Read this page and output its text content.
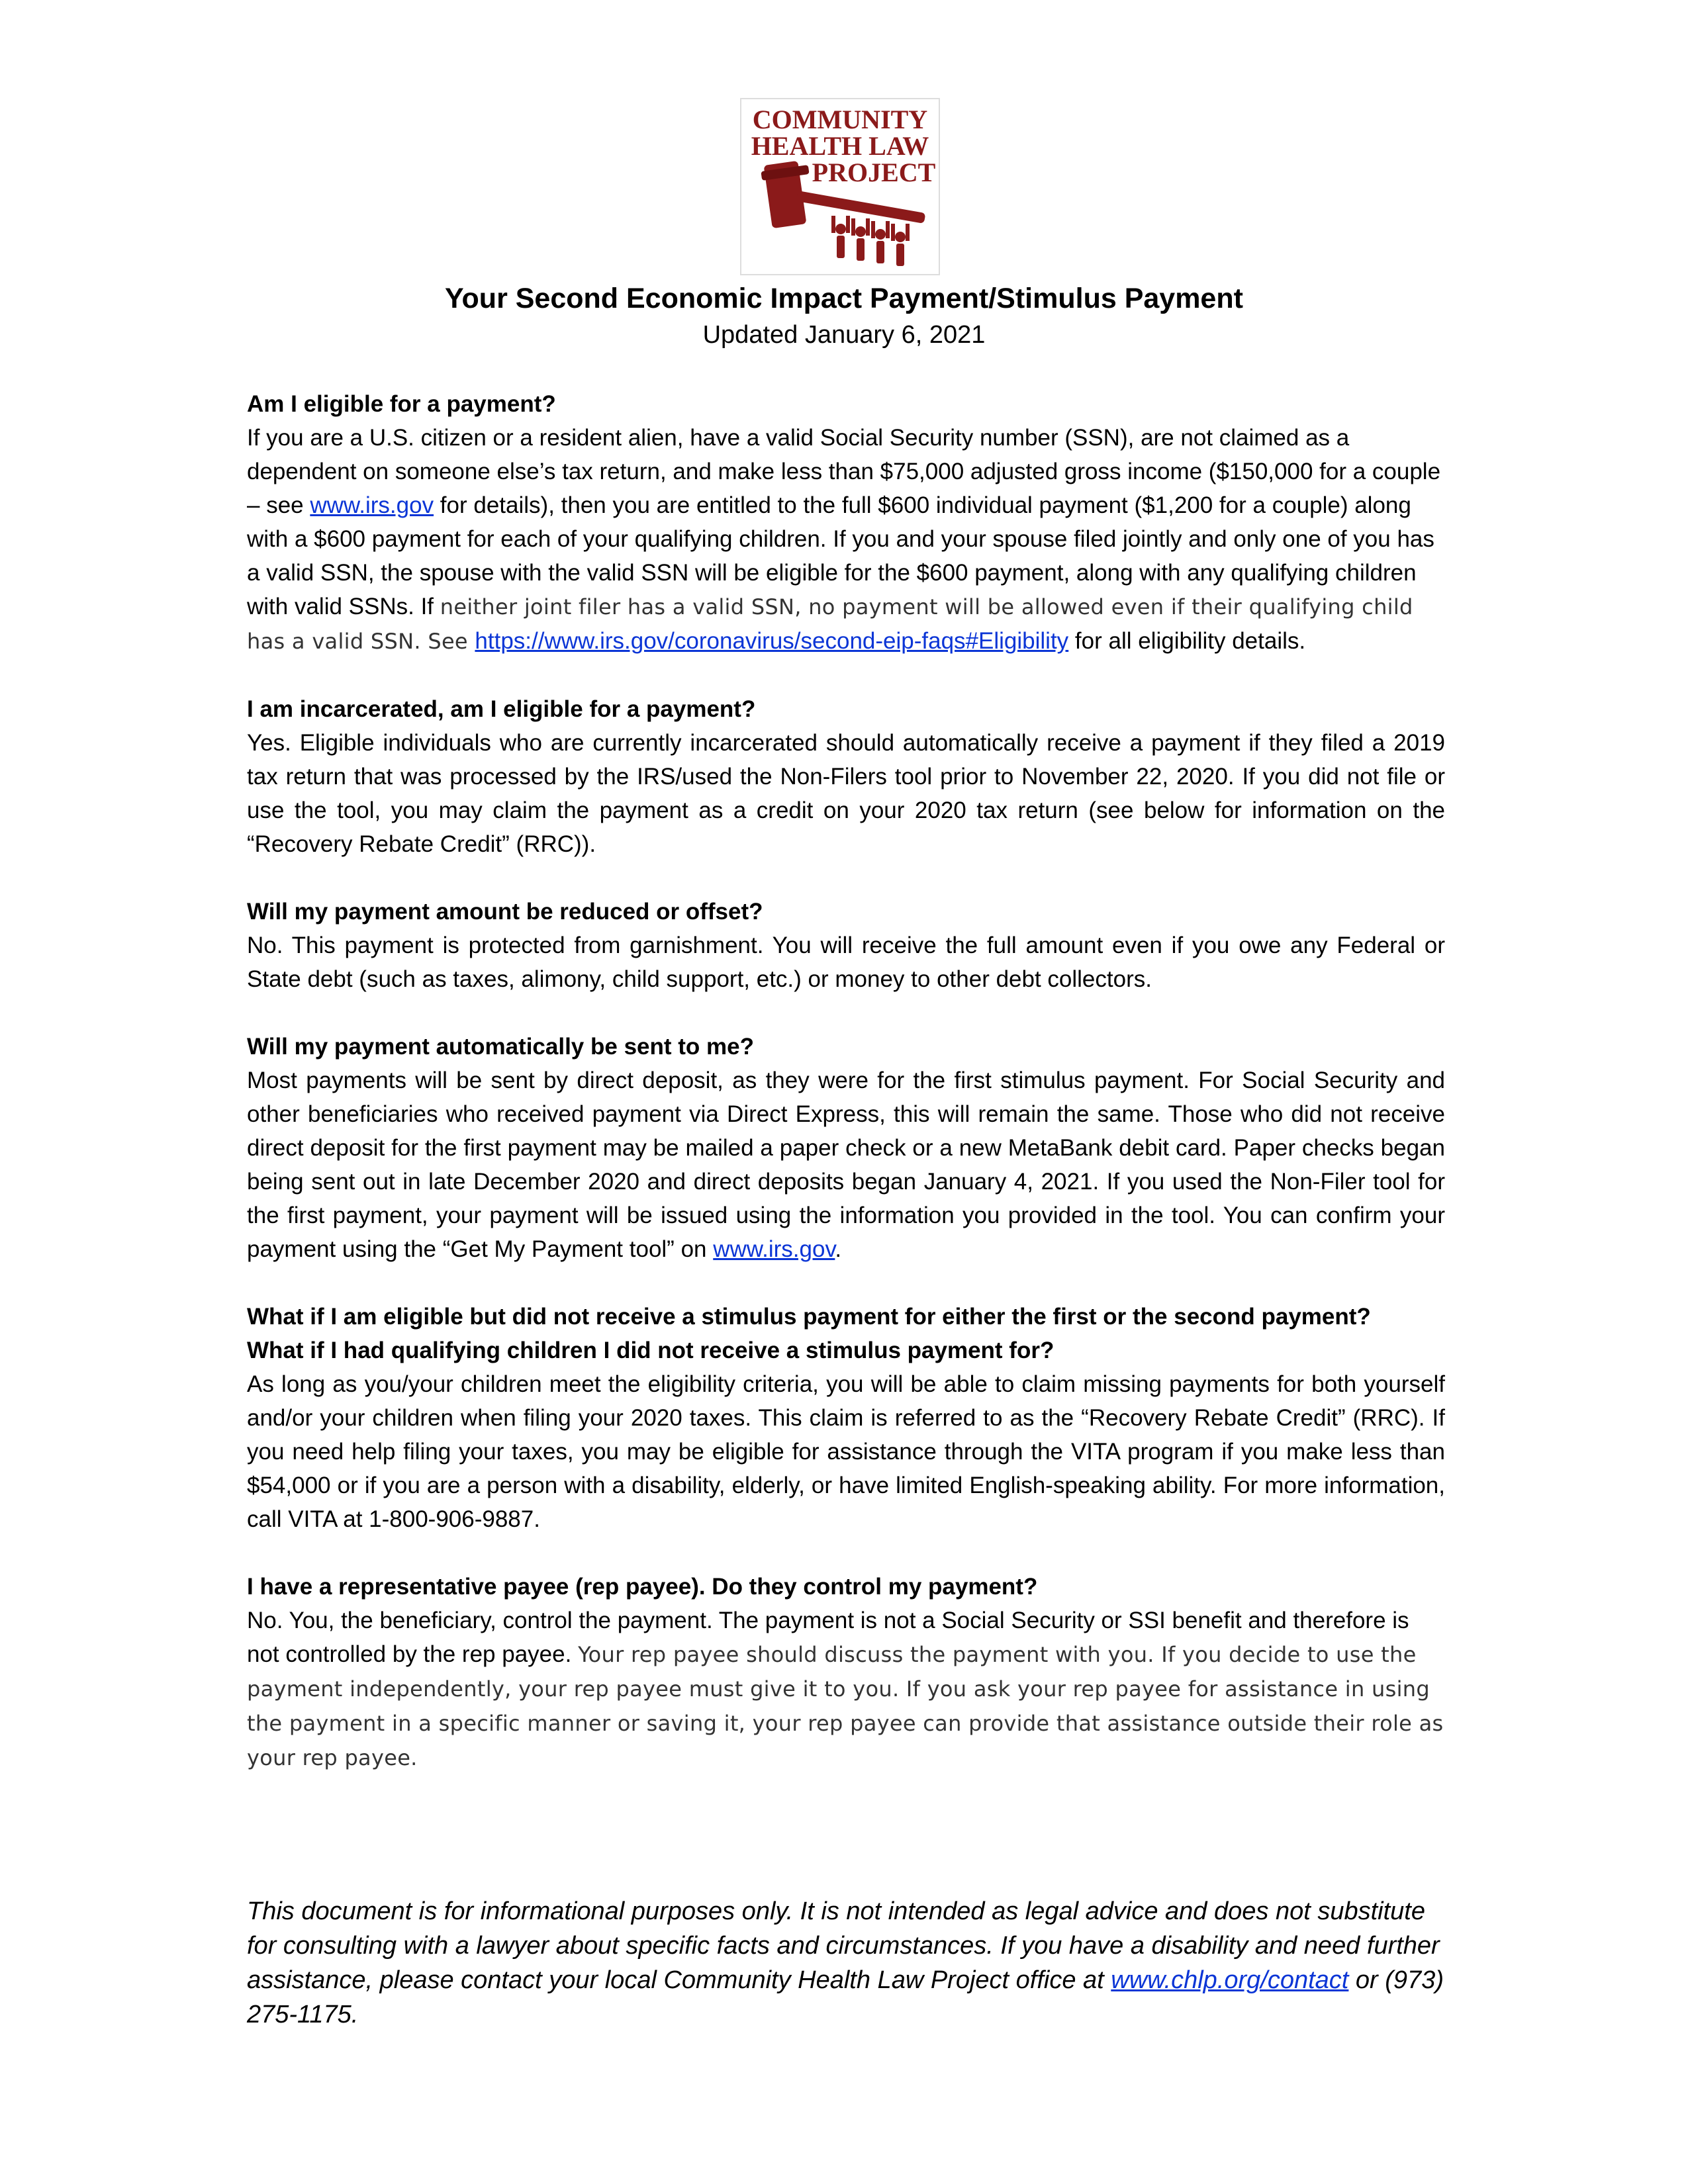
COMMUNITY
HEALTH LAW
PROJECT
Your Second Economic Impact Payment/Stimulus Payment
Updated January 6, 2021
Am I eligible for a payment?

If you are a U.S. citizen or a resident alien, have a valid Social Security number (SSN), are not claimed as a dependent on someone else’s tax return, and make less than $75,000 adjusted gross income ($150,000 for a couple – see www.irs.gov for details), then you are entitled to the full $600 individual payment ($1,200 for a couple) along with a $600 payment for each of your qualifying children. If you and your spouse filed jointly and only one of you has a valid SSN, the spouse with the valid SSN will be eligible for the $600 payment, along with any qualifying children with valid SSNs. If neither joint filer has a valid SSN, no payment will be allowed even if their qualifying child has a valid SSN. See https://www.irs.gov/coronavirus/second-eip-faqs#Eligibility for all eligibility details.

I am incarcerated, am I eligible for a payment?

Yes. Eligible individuals who are currently incarcerated should automatically receive a payment if they filed a 2019 tax return that was processed by the IRS/used the Non-Filers tool prior to November 22, 2020. If you did not file or use the tool, you may claim the payment as a credit on your 2020 tax return (see below for information on the “Recovery Rebate Credit” (RRC)).

Will my payment amount be reduced or offset?

No. This payment is protected from garnishment. You will receive the full amount even if you owe any Federal or State debt (such as taxes, alimony, child support, etc.) or money to other debt collectors.

Will my payment automatically be sent to me?

Most payments will be sent by direct deposit, as they were for the first stimulus payment. For Social Security and other beneficiaries who received payment via Direct Express, this will remain the same. Those who did not receive direct deposit for the first payment may be mailed a paper check or a new MetaBank debit card. Paper checks began being sent out in late December 2020 and direct deposits began January 4, 2021. If you used the Non-Filer tool for the first payment, your payment will be issued using the information you provided in the tool. You can confirm your payment using the “Get My Payment tool” on www.irs.gov.

What if I am eligible but did not receive a stimulus payment for either the first or the second payment?
What if I had qualifying children I did not receive a stimulus payment for?

As long as you/your children meet the eligibility criteria, you will be able to claim missing payments for both yourself and/or your children when filing your 2020 taxes. This claim is referred to as the “Recovery Rebate Credit” (RRC). If you need help filing your taxes, you may be eligible for assistance through the VITA program if you make less than $54,000 or if you are a person with a disability, elderly, or have limited English-speaking ability. For more information, call VITA at 1-800-906-9887.

I have a representative payee (rep payee). Do they control my payment?

No. You, the beneficiary, control the payment. The payment is not a Social Security or SSI benefit and therefore is not controlled by the rep payee. Your rep payee should discuss the payment with you. If you decide to use the payment independently, your rep payee must give it to you. If you ask your rep payee for assistance in using the payment in a specific manner or saving it, your rep payee can provide that assistance outside their role as your rep payee.

This document is for informational purposes only. It is not intended as legal advice and does not substitute for consulting with a lawyer about specific facts and circumstances. If you have a disability and need further assistance, please contact your local Community Health Law Project office at www.chlp.org/contact or (973) 275-1175.
